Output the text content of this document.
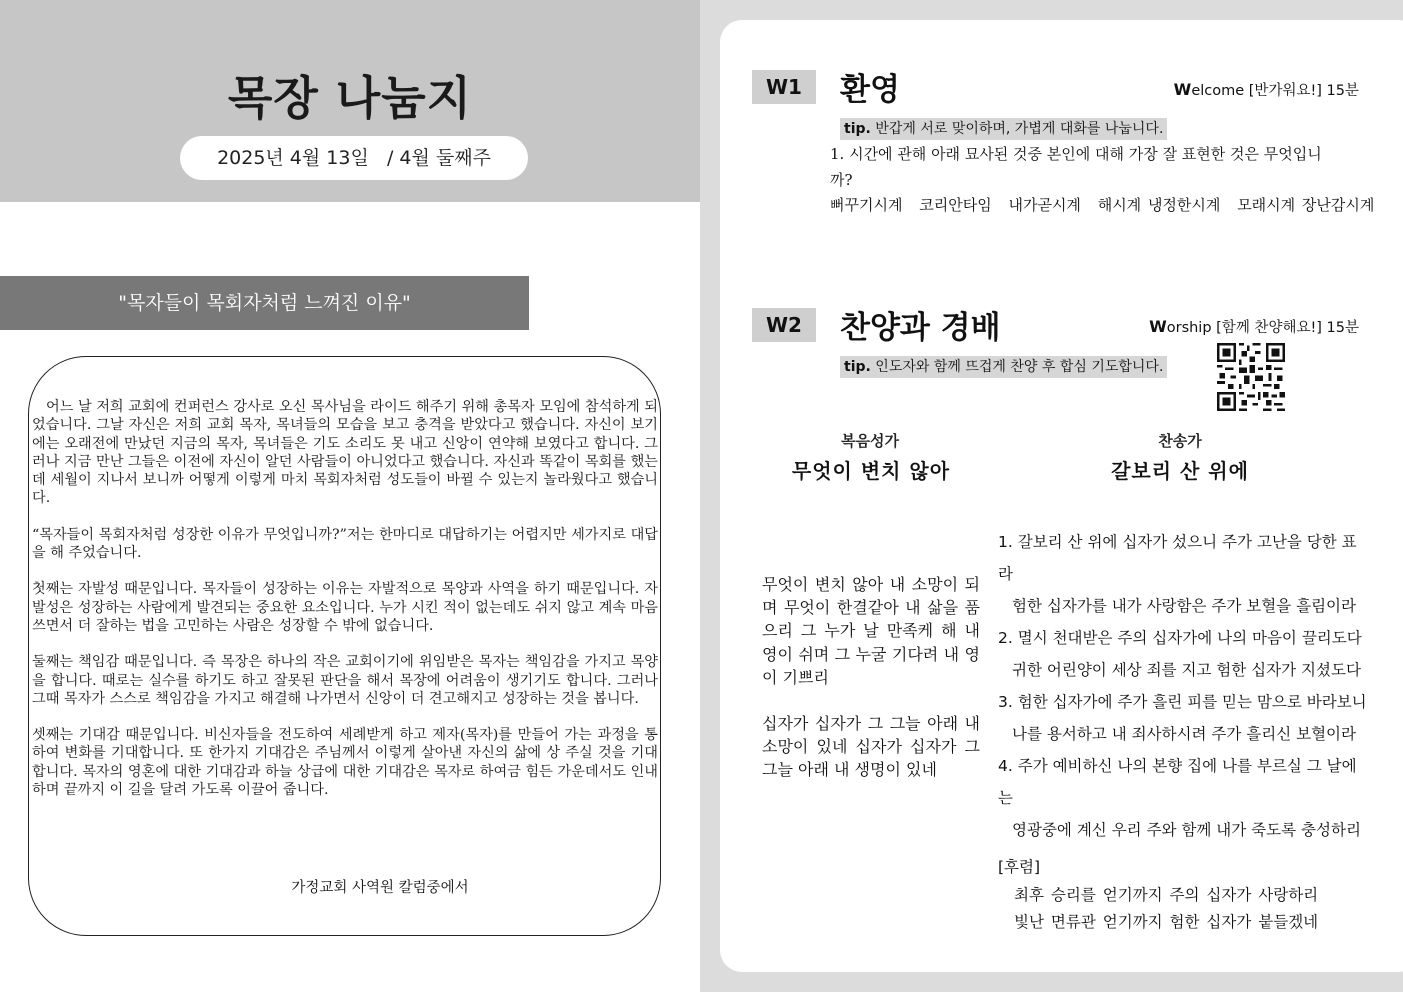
목장 나눔지
2025년 4월 13일   / 4월 둘째주
"목자들이 목회자처럼 느껴진 이유"

어느 날 저희 교회에 컨퍼런스 강사로 오신 목사님을 라이드 해주기 위해 총목자 모임에 참석하게 되었습니다. 그날 자신은 저희 교회 목자, 목녀들의 모습을 보고 충격을 받았다고 했습니다. 자신이 보기에는 오래전에 만났던 지금의 목자, 목녀들은 기도 소리도 못 내고 신앙이 연약해 보였다고 합니다. 그러나 지금 만난 그들은 이전에 자신이 알던 사람들이 아니었다고 했습니다. 자신과 똑같이 목회를 했는데 세월이 지나서 보니까 어떻게 이렇게 마치 목회자처럼 성도들이 바뀔 수 있는지 놀라웠다고 했습니다.

“목자들이 목회자처럼 성장한 이유가 무엇입니까?”저는 한마디로 대답하기는 어렵지만 세가지로 대답을 해 주었습니다.

첫째는 자발성 때문입니다. 목자들이 성장하는 이유는 자발적으로 목양과 사역을 하기 때문입니다. 자발성은 성장하는 사람에게 발견되는 중요한 요소입니다. 누가 시킨 적이 없는데도 쉬지 않고 계속 마음 쓰면서 더 잘하는 법을 고민하는 사람은 성장할 수 밖에 없습니다.

둘째는 책임감 때문입니다. 즉 목장은 하나의 작은 교회이기에 위임받은 목자는 책임감을 가지고 목양을 합니다. 때로는 실수를 하기도 하고 잘못된 판단을 해서 목장에 어려움이 생기기도 합니다. 그러나 그때 목자가 스스로 책임감을 가지고 해결해 나가면서 신앙이 더 견고해지고 성장하는 것을 봅니다.

셋째는 기대감 때문입니다. 비신자들을 전도하여 세례받게 하고 제자(목자)를 만들어 가는 과정을 통하여 변화를 기대합니다. 또 한가지 기대감은 주님께서 이렇게 살아낸 자신의 삶에 상 주실 것을 기대합니다. 목자의 영혼에 대한 기대감과 하늘 상급에 대한 기대감은 목자로 하여금 힘든 가운데서도 인내하며 끝까지 이 길을 달려 가도록 이끌어 줍니다.

가정교회 사역원 칼럼중에서
W1	환영	Welcome [반가워요!] 15분
tip. 반갑게 서로 맞이하며, 가볍게 대화를 나눕니다.
1. 시간에 관해 아래 묘사된 것중 본인에 대해 가장 잘 표현한 것은 무엇입니까?
뻐꾸기시계 코리안타임 내가곧시계 해시계 냉정한시계 모래시계 장난감시계
W2	찬양과 경배	Worship [함께 찬양해요!] 15분
tip. 인도자와 함께 뜨겁게 찬양 후 합심 기도합니다.
복음성가
무엇이 변치 않아
찬송가
갈보리 산 위에

무엇이 변치 않아 내 소망이 되며 무엇이 한결같아 내 삶을 품으리 그 누가 날 만족케 해 내 영이 쉬며 그 누굴 기다려 내 영이 기쁘리

십자가 십자가 그 그늘 아래 내 소망이 있네 십자가 십자가 그 그늘 아래 내 생명이 있네

1. 갈보리 산 위에 십자가 섰으니 주가 고난을 당한 표라
험한 십자가를 내가 사랑함은 주가 보혈을 흘림이라
2. 멸시 천대받은 주의 십자가에 나의 마음이 끌리도다
귀한 어린양이 세상 죄를 지고 험한 십자가 지셨도다
3. 험한 십자가에 주가 흘린 피를 믿는 맘으로 바라보니
나를 용서하고 내 죄사하시려 주가 흘리신 보혈이라
4. 주가 예비하신 나의 본향 집에 나를 부르실 그 날에는
영광중에 계신 우리 주와 함께 내가 죽도록 충성하리
[후렴]
최후 승리를 얻기까지 주의 십자가 사랑하리
빛난 면류관 얻기까지 험한 십자가 붙들겠네
